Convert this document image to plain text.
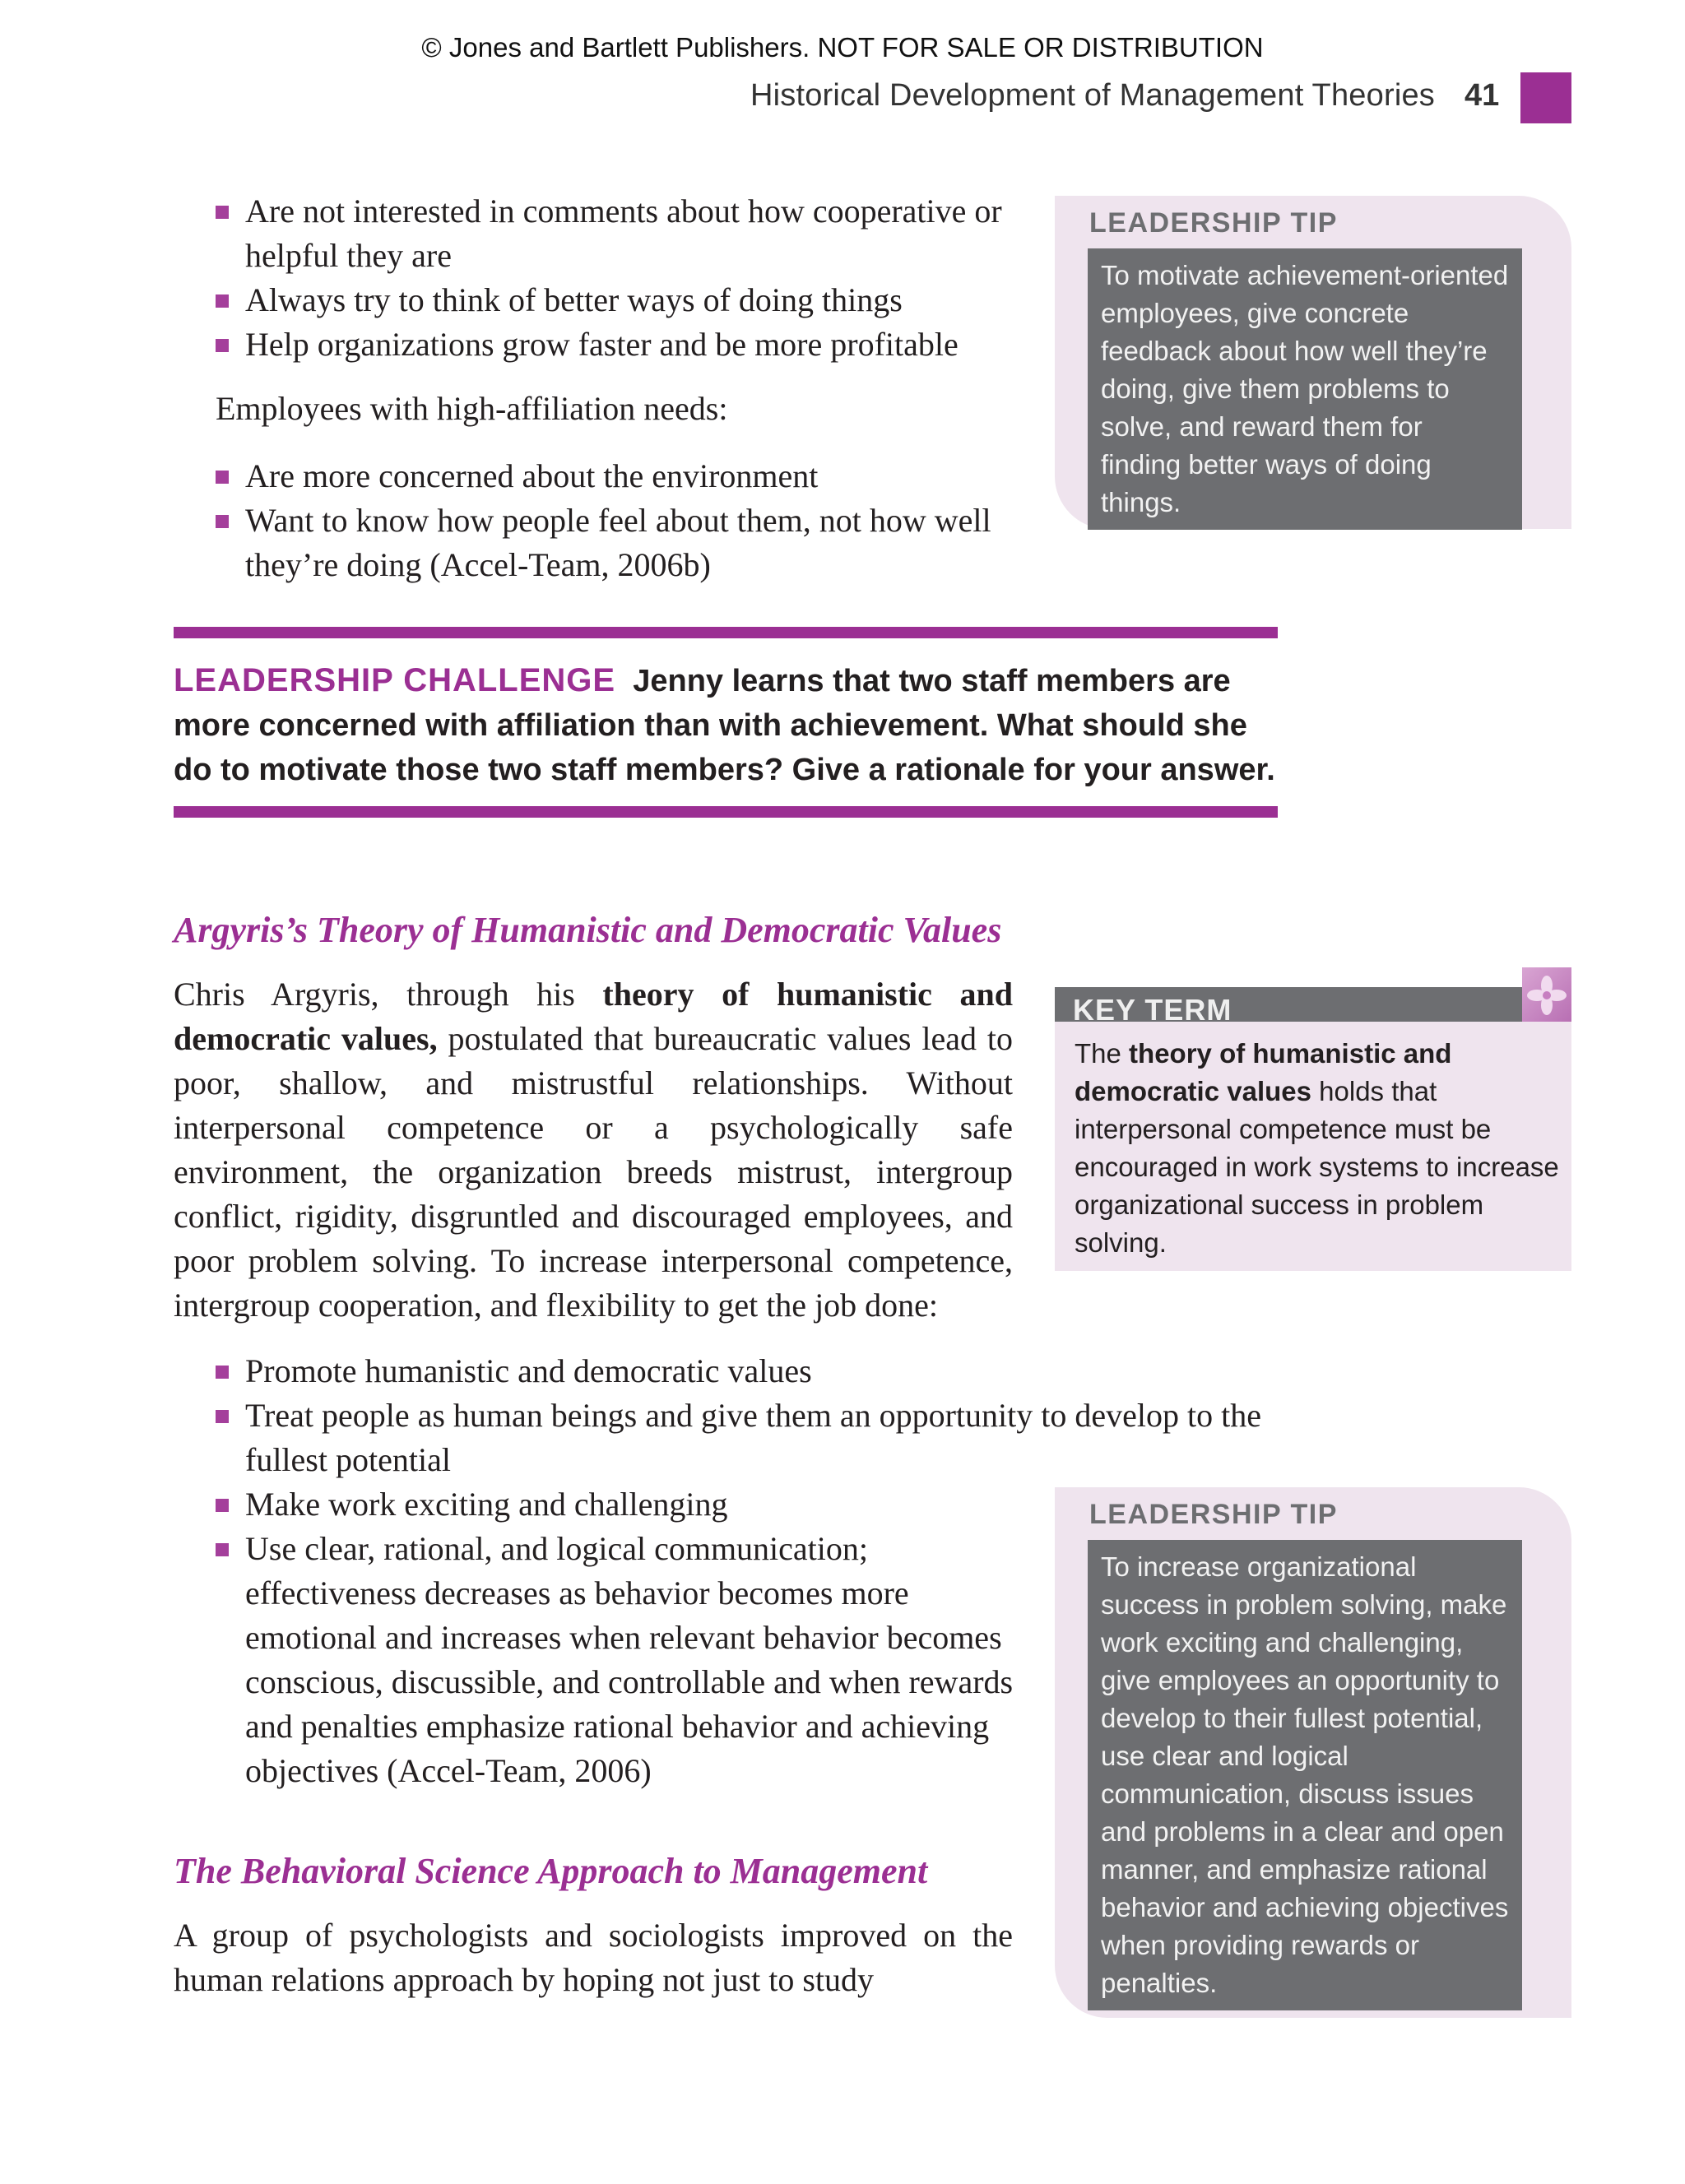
© Jones and Bartlett Publishers. NOT FOR SALE OR DISTRIBUTION
Historical Development of Management Theories 41
Are not interested in comments about how cooperative or helpful they are
Always try to think of better ways of doing things
Help organizations grow faster and be more profitable
Employees with high-affiliation needs:
Are more concerned about the environment
Want to know how people feel about them, not how well they’re doing (Accel-Team, 2006b)
LEADERSHIP TIP
To motivate achievement-oriented employees, give concrete feedback about how well they’re doing, give them problems to solve, and reward them for finding better ways of doing things.
LEADERSHIP CHALLENGE Jenny learns that two staff members are more concerned with affiliation than with achievement. What should she do to motivate those two staff members? Give a rationale for your answer.
Argyris’s Theory of Humanistic and Democratic Values
Chris Argyris, through his theory of humanistic and democratic values, postulated that bureaucratic values lead to poor, shallow, and mistrustful relationships. Without interpersonal competence or a psychologically safe environment, the organization breeds mistrust, intergroup conflict, rigidity, disgruntled and discouraged employees, and poor problem solving. To increase interpersonal competence, intergroup cooperation, and flexibility to get the job done:
Promote humanistic and democratic values
Treat people as human beings and give them an opportunity to develop to the fullest potential
Make work exciting and challenging
Use clear, rational, and logical communication; effectiveness decreases as behavior becomes more emotional and increases when relevant behavior becomes conscious, discussible, and controllable and when rewards and penalties emphasize rational behavior and achieving objectives (Accel-Team, 2006)
KEY TERM
The theory of humanistic and democratic values holds that interpersonal competence must be encouraged in work systems to increase organizational success in problem solving.
LEADERSHIP TIP
To increase organizational success in problem solving, make work exciting and challenging, give employees an opportunity to develop to their fullest potential, use clear and logical communication, discuss issues and problems in a clear and open manner, and emphasize rational behavior and achieving objectives when providing rewards or penalties.
The Behavioral Science Approach to Management
A group of psychologists and sociologists improved on the human relations approach by hoping not just to study
